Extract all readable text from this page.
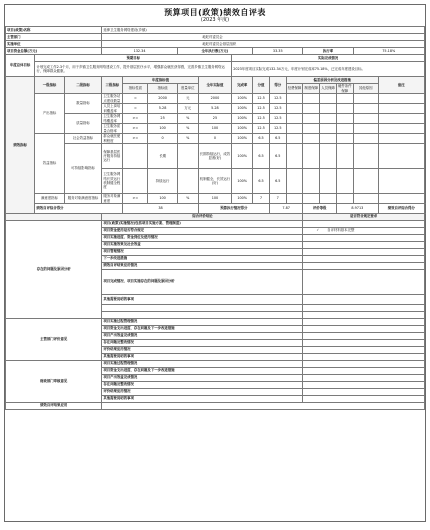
预算项目(政策)绩效自评表
(2023 年度)
项目(政策)名称			延伸卫生服务网络建设(乡镇)														
主管部门			地旺村委员会														
实施单位			地旺村委员会基层组织														
项目资金总额(万元)			132.34			全年执行数(万元)			33.35			执行率			75.18%		
年度总体目标	预期目标							实际完成情况									
	计划完成工作2.3个月，用于乡镇卫生服务网络建设工作，提升基层医疗水平，增强群众就医获得感，完善乡镇卫生服务网络运行，保障群众健康。							2023年度项目实际完成132.34万元，年度计划完成率75.18%，已完成年度建设目标。									
绩效指标	一级指标	二级指标	三级指标	年度指标值			全年实际值	完成率	分值	得分	偏差原因分析及改进措施					备注	
				指标性质	指标值	度量单位					经费保障	制度保障	人员保障	硬件条件保障	其他原因		
	产出指标	数量指标	卫生服务站点建设数量	=	2000	元	2000	100%	12.5	12.5							
			人员上岗培训覆盖率	=	5.28	万元	5.28	100%	12.5	12.5							
		质量指标	卫生服务网络覆盖率	>=	25	%	25	100%	12.5	12.5							
			卫生服务质量合格率	>=	100	%	100	100%	12.5	12.5							
	效益指标	社会效益指标	群众就医便利程度	>=	0	%	0	100%	6.5	6.5							
		可持续影响指标	保障基层医疗服务持续运行		长期		长期持续运行，成效显著(好)	100%	6.5	6.5							
			卫生服务网络长效运行机制健全程度		持续运行		机制健全，长效运行(好)	100%	6.5	6.5							
	满意度指标	服务对象满意度指标	服务对象满意度	>=	100	%	100	100%	7	7							
	绩效自评综合得分			38			预算执行情况得分			7.87		评价等级		8.9713		绩效自评综合得分	
			综合评价结论									是否符合规定要求					
存在的问题及原因分析			项目(政策)实施情况(包括项目实施方案、管理制度)														
			项目资金使用是否符合规定									✓ 自评材料基本完整					
			项目实施进度、资金到位及使用情况														
			项目实施效果及社会效益														
			项目管理情况														
			下一步改进措施														
			绩效自评结果应用情况														
			项目完成情况、项目实施存在的问题及原因分析														
			其他需要说明的事项														

主管部门评价意见			项目实施过程管理情况														
			项目资金支出进度、存在问题及下一步改进措施														
			项目产出效益完成情况														
			存在问题及整改情况														
			评价结果应用情况														
			其他需要说明的事项														
财政部门审核意见			项目实施过程管理情况														
			项目资金支出进度、存在问题及下一步改进措施														
			项目产出效益完成情况														
			存在问题及整改情况														
			评价结果应用情况														
			其他需要说明的事项														
绩效自评结果应用																	
